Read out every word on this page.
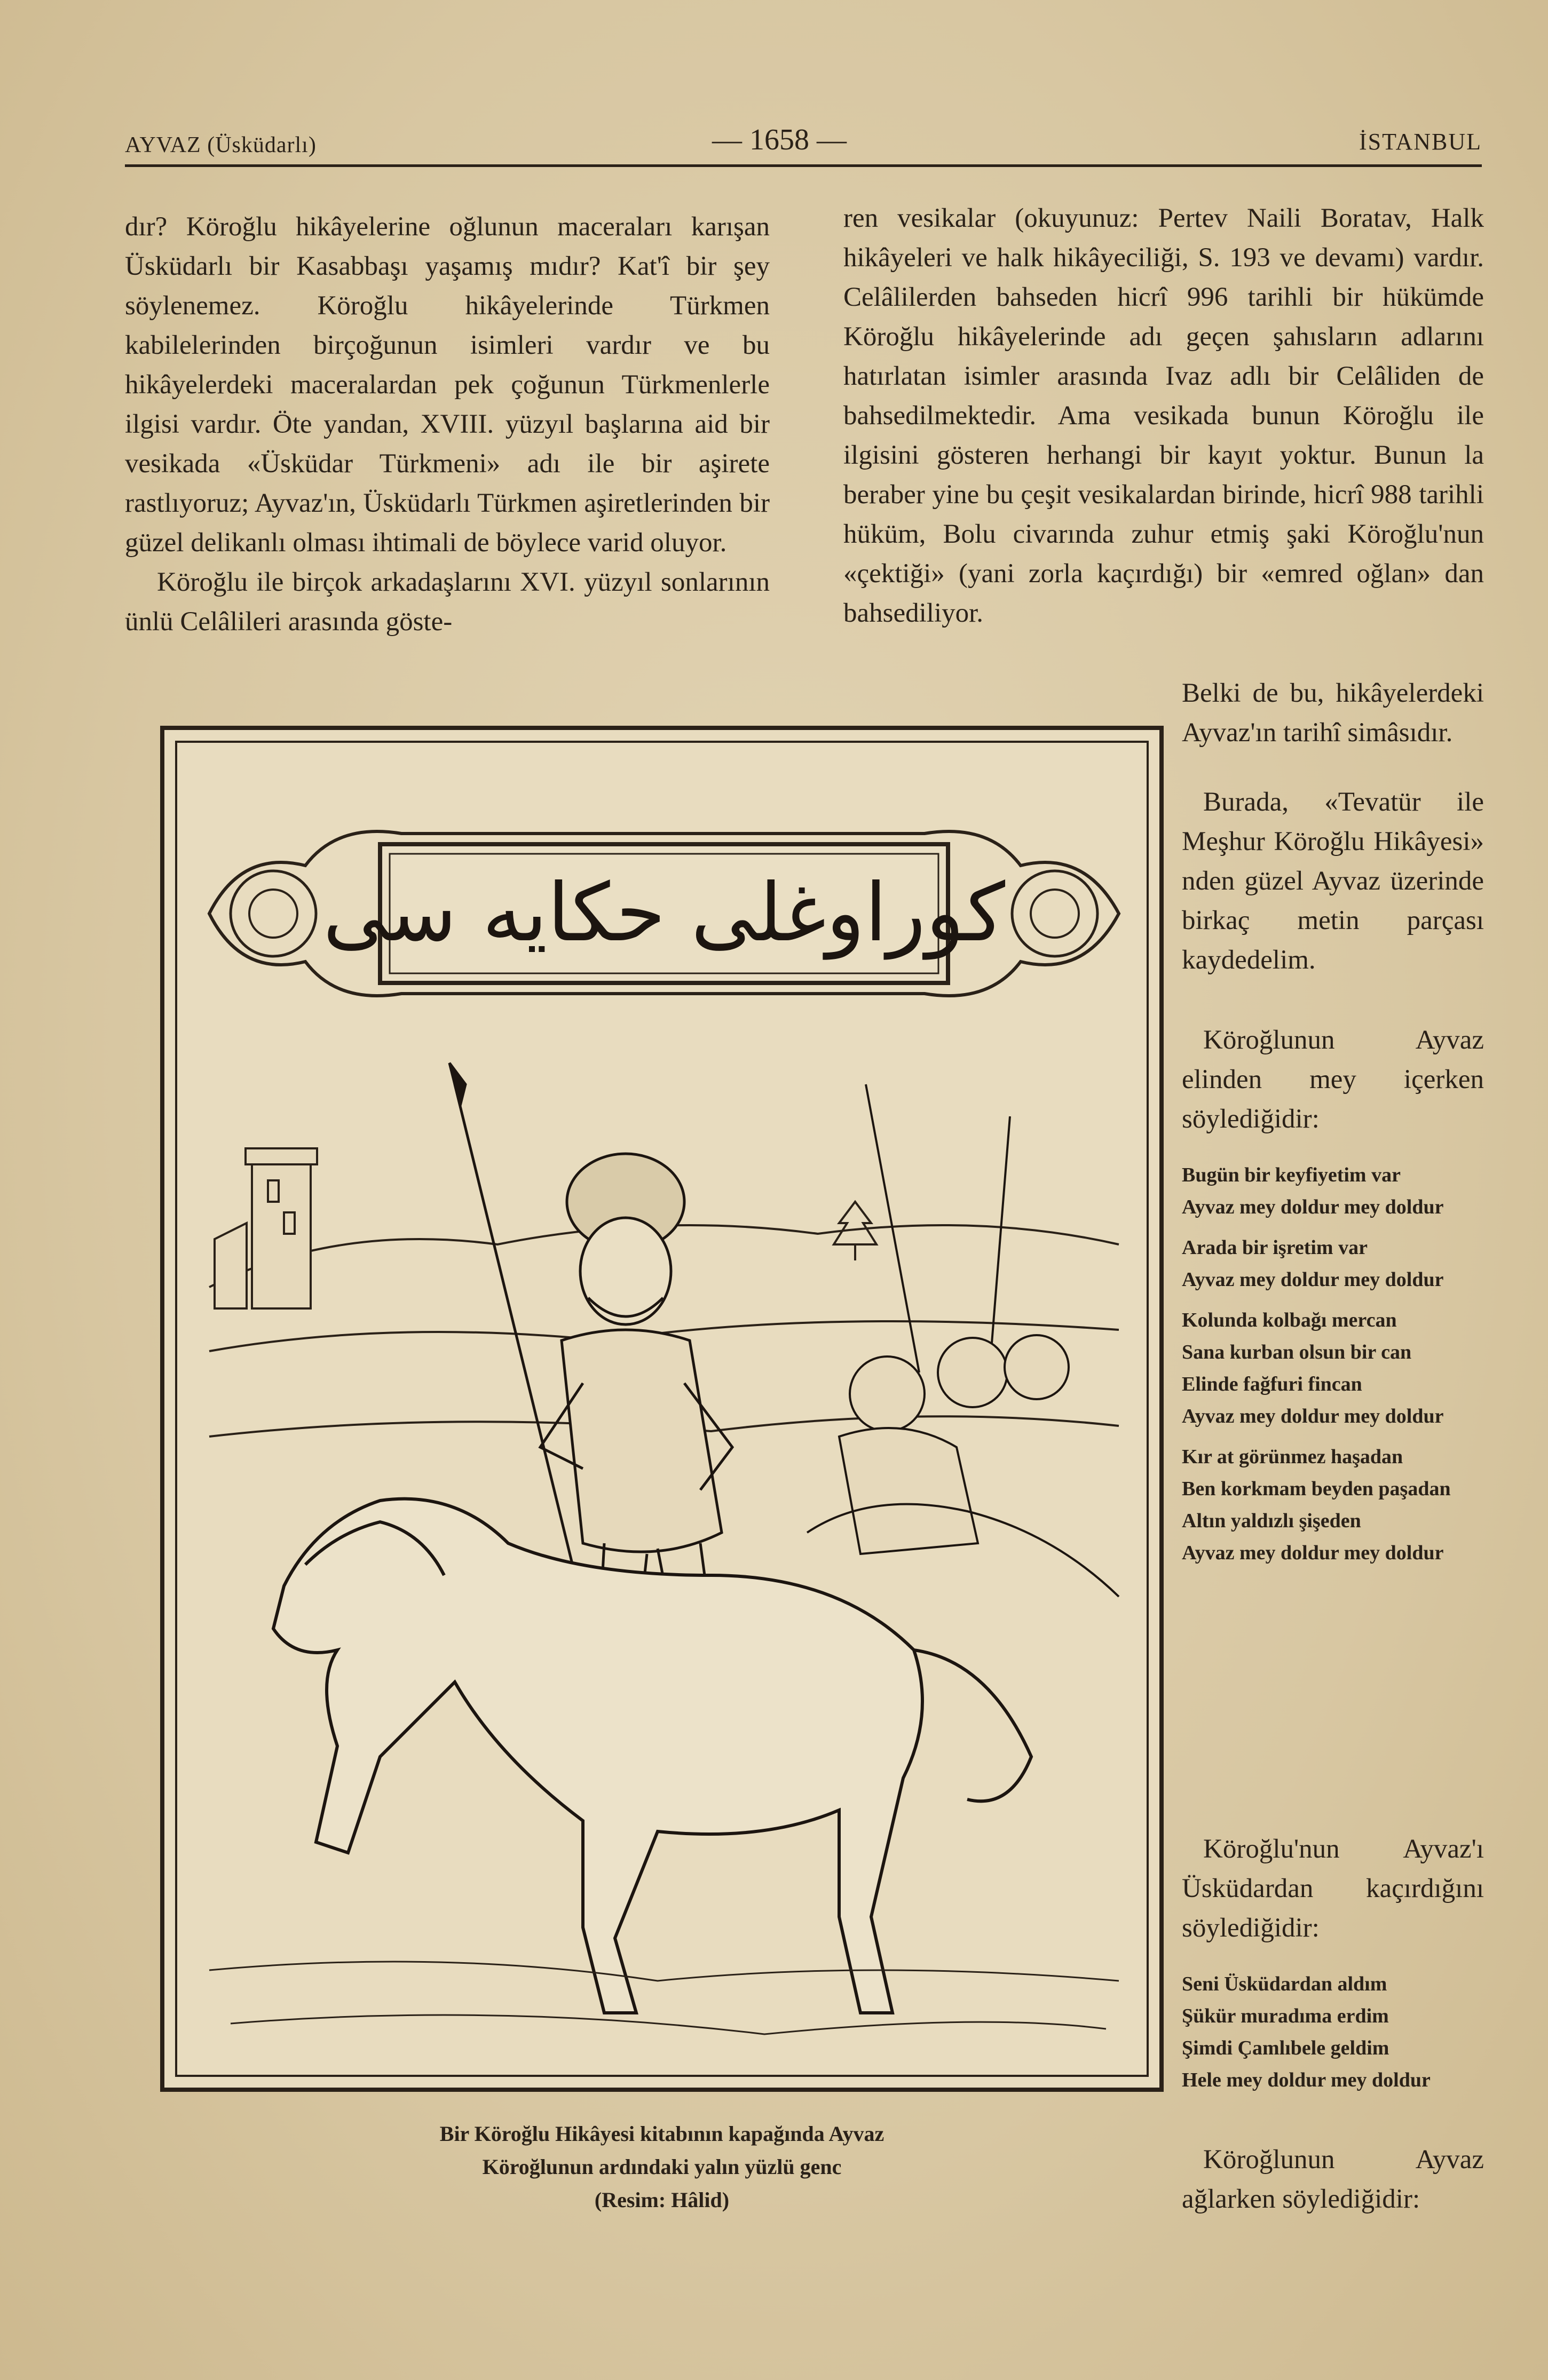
AYVAZ (Üsküdarlı)	— 1658 —	İSTANBUL

dır? Köroğlu hikâyelerine oğlunun maceraları karışan Üsküdarlı bir Kasabbaşı yaşamış mıdır? Kat'î bir şey söylenemez. Köroğlu hikâyelerinde Türkmen kabilelerinden birçoğunun isimleri vardır ve bu hikâyelerdeki maceralardan pek çoğunun Türkmenlerle ilgisi vardır. Öte yandan, XVIII. yüzyıl başlarına aid bir vesikada «Üsküdar Türkmeni» adı ile bir aşirete rastlıyoruz; Ayvaz'ın, Üsküdarlı Türkmen aşiretlerinden bir güzel delikanlı olması ihtimali de böylece varid oluyor.

Köroğlu ile birçok arkadaşlarını XVI. yüzyıl sonlarının ünlü Celâlileri arasında göste-

ren vesikalar (okuyunuz: Pertev Naili Boratav, Halk hikâyeleri ve halk hikâyeciliği, S. 193 ve devamı) vardır. Celâlilerden bahseden hicrî 996 tarihli bir hükümde Köroğlu hikâyelerinde adı geçen şahısların adlarını hatırlatan isimler arasında Ivaz adlı bir Celâliden de bahsedilmektedir. Ama vesikada bunun Köroğlu ile ilgisini gösteren herhangi bir kayıt yoktur. Bunun la beraber yine bu çeşit vesikalardan birinde, hicrî 988 tarihli hüküm, Bolu civarında zuhur etmiş şaki Köroğlu'nun «çektiği» (yani zorla kaçırdığı) bir «emred oğlan» dan bahsediliyor.

Belki de bu, hikâyelerdeki Ayvaz'ın tarihî simâsıdır.

Burada, «Tevatür ile Meşhur Köroğlu Hikâyesi» nden güzel Ayvaz üzerinde birkaç metin parçası kaydedelim.

Köroğlunun Ayvaz elinden mey içerken söylediğidir:

Bugün bir keyfiyetim var
Ayvaz mey doldur mey doldur
Arada bir işretim var
Ayvaz mey doldur mey doldur
Kolunda kolbağı mercan
Sana kurban olsun bir can
Elinde fağfuri fincan
Ayvaz mey doldur mey doldur
Kır at görünmez haşadan
Ben korkmam beyden paşadan
Altın yaldızlı şişeden
Ayvaz mey doldur mey doldur

Köroğlu'nun Ayvaz'ı Üsküdardan kaçırdığını söylediğidir:

Seni Üsküdardan aldım
Şükür muradıma erdim
Şimdi Çamlıbele geldim
Hele mey doldur mey doldur

Köroğlunun Ayvaz ağlarken söylediğidir:

كوراوغلى حكايه سى
Bir Köroğlu Hikâyesi kitabının kapağında Ayvaz
Köroğlunun ardındaki yalın yüzlü genc
(Resim: Hâlid)
